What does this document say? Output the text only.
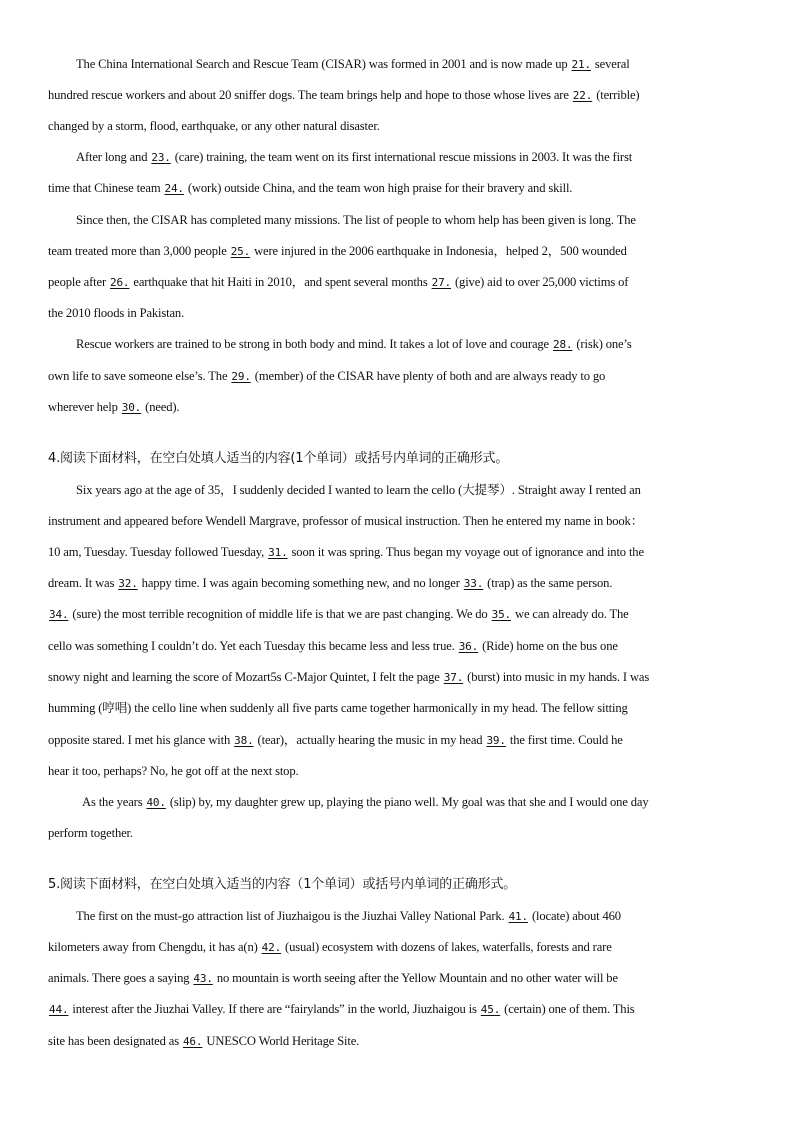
The China International Search and Rescue Team (CISAR) was formed in 2001 and is now made up 21. several
hundred rescue workers and about 20 sniffer dogs. The team brings help and hope to those whose lives are 22. (terrible)
changed by a storm, flood, earthquake, or any other natural disaster.
After long and 23. (care) training, the team went on its first international rescue missions in 2003. It was the first
time that Chinese team 24. (work) outside China, and the team won high praise for their bravery and skill.
Since then, the CISAR has completed many missions. The list of people to whom help has been given is long. The
team treated more than 3,000 people 25. were injured in the 2006 earthquake in Indonesia，helped 2，500 wounded
people after 26. earthquake that hit Haiti in 2010，and spent several months 27. (give) aid to over 25,000 victims of
the 2010 floods in Pakistan.
Rescue workers are trained to be strong in both body and mind. It takes a lot of love and courage 28. (risk) one’s
own life to save someone else’s. The 29. (member) of the CISAR have plenty of both and are always ready to go
wherever help 30. (need).
4.阅读下面材料，在空白处填人适当的内容(1个单词）或括号内单词的正确形式。
Six years ago at the age of 35，I suddenly decided I wanted to learn the cello (大提琴）. Straight away I rented an
instrument and appeared before Wendell Margrave, professor of musical instruction. Then he entered my name in book：
10 am, Tuesday. Tuesday followed Tuesday, 31. soon it was spring. Thus began my voyage out of ignorance and into the
dream. It was 32. happy time. I was again becoming something new, and no longer 33. (trap) as the same person.
34. (sure) the most terrible recognition of middle life is that we are past changing. We do 35. we can already do. The
cello was something I couldn’t do. Yet each Tuesday this became less and less true. 36. (Ride) home on the bus one
snowy night and learning the score of Mozart5s C-Major Quintet, I felt the page 37. (burst) into music in my hands. I was
humming (哼唱) the cello line when suddenly all five parts came together harmonically in my head. The fellow sitting
opposite stared. I met his glance with 38. (tear)，actually hearing the music in my head 39. the first time. Could he
hear it too, perhaps? No, he got off at the next stop.
As the years 40. (slip) by, my daughter grew up, playing the piano well. My goal was that she and I would one day
perform together.
5.阅读下面材料，在空白处填入适当的内容（1个单词）或括号内单词的正确形式。
The first on the must-go attraction list of Jiuzhaigou is the Jiuzhai Valley National Park. 41. (locate) about 460
kilometers away from Chengdu, it has a(n) 42. (usual) ecosystem with dozens of lakes, waterfalls, forests and rare
animals. There goes a saying 43. no mountain is worth seeing after the Yellow Mountain and no other water will be
44. interest after the Jiuzhai Valley. If there are “fairylands” in the world, Jiuzhaigou is 45. (certain) one of them. This
site has been designated as 46. UNESCO World Heritage Site.
